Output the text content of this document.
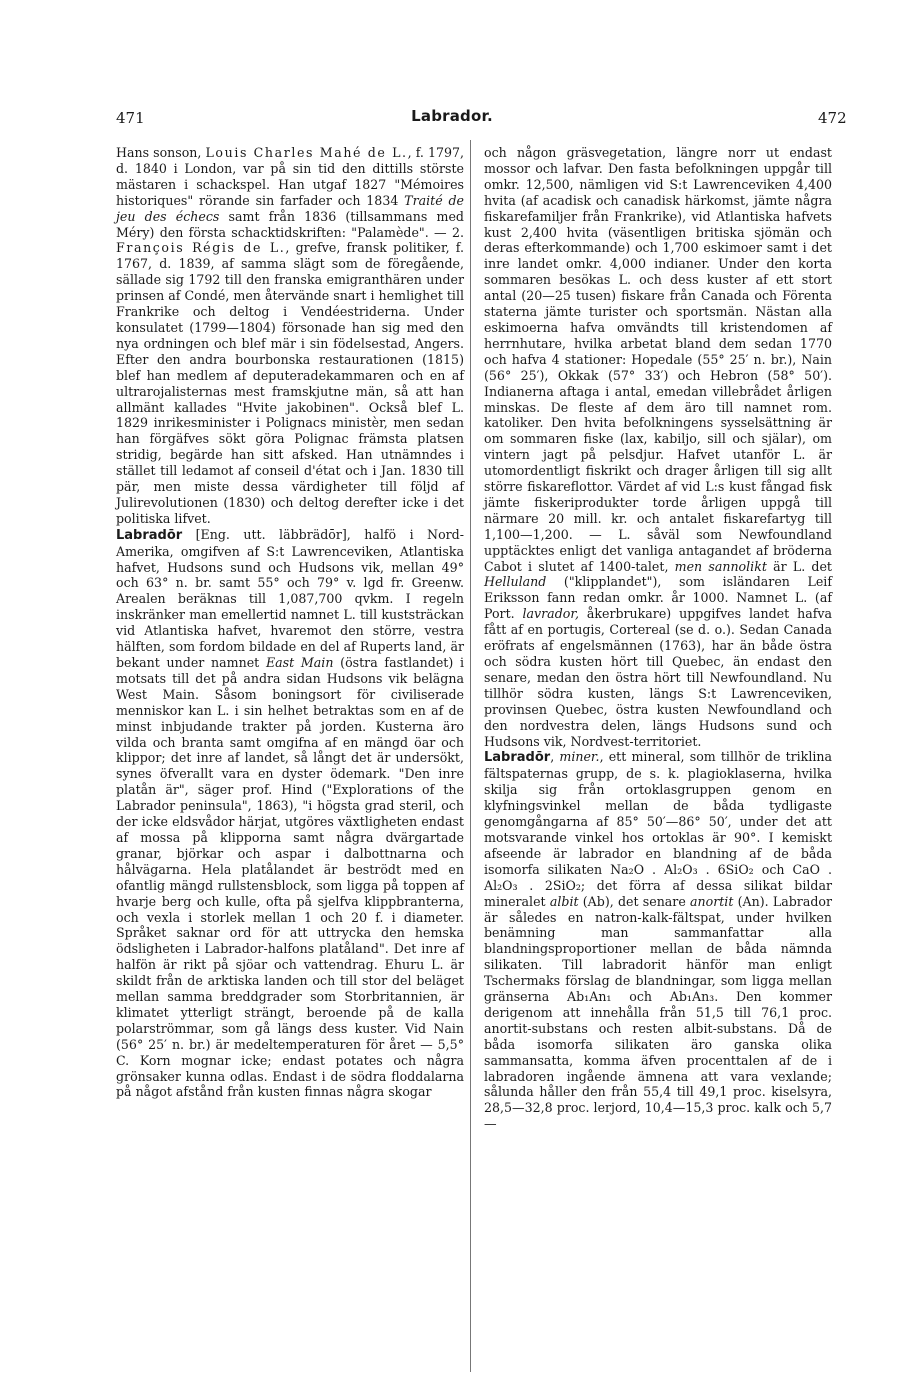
471	Labrador.	472

Hans sonson, Louis Charles Mahé de L., f. 1797, d. 1840 i London, var på sin tid den dittills störste mästaren i schackspel. Han utgaf 1827 "Mémoires historiques" rörande sin farfader och 1834 Traité de jeu des échecs samt från 1836 (tillsammans med Méry) den första schacktidskriften: "Palamède". — 2. François Régis de L., grefve, fransk politiker, f. 1767, d. 1839, af samma slägt som de föregående, sällade sig 1792 till den franska emigranthären under prinsen af Condé, men återvände snart i hemlighet till Frankrike och deltog i Vendéestriderna. Under konsulatet (1799—1804) försonade han sig med den nya ordningen och blef mär i sin födelsestad, Angers. Efter den andra bourbonska restaurationen (1815) blef han medlem af deputeradekammaren och en af ultrarojalisternas mest framskjutne män, så att han allmänt kallades "Hvite jakobinen". Också blef L. 1829 inrikesminister i Polignacs ministèr, men sedan han förgäfves sökt göra Polignac främsta platsen stridig, begärde han sitt afsked. Han utnämndes i stället till ledamot af conseil d'état och i Jan. 1830 till pär, men miste dessa värdigheter till följd af Julirevolutionen (1830) och deltog derefter icke i det politiska lifvet.

Labradōr [Eng. utt. läbbrädōr], halfö i Nord-Amerika, omgifven af S:t Lawrenceviken, Atlantiska hafvet, Hudsons sund och Hudsons vik, mellan 49° och 63° n. br. samt 55° och 79° v. lgd fr. Greenw. Arealen beräknas till 1,087,700 qvkm. I regeln inskränker man emellertid namnet L. till kuststräckan vid Atlantiska hafvet, hvaremot den större, vestra hälften, som fordom bildade en del af Ruperts land, är bekant under namnet East Main (östra fastlandet) i motsats till det på andra sidan Hudsons vik belägna West Main. Såsom boningsort för civiliserade menniskor kan L. i sin helhet betraktas som en af de minst inbjudande trakter på jorden. Kusterna äro vilda och branta samt omgifna af en mängd öar och klippor; det inre af landet, så långt det är undersökt, synes öfverallt vara en dyster ödemark. "Den inre platån är", säger prof. Hind ("Explorations of the Labrador peninsula", 1863), "i högsta grad steril, och der icke eldsvådor härjat, utgöres växtligheten endast af mossa på klipporna samt några dvärgartade granar, björkar och aspar i dalbottnarna och hålvägarna. Hela platålandet är beströdt med en ofantlig mängd rullstensblock, som ligga på toppen af hvarje berg och kulle, ofta på sjelfva klippbranterna, och vexla i storlek mellan 1 och 20 f. i diameter. Språket saknar ord för att uttrycka den hemska ödsligheten i Labrador-halfons platåland". Det inre af halfön är rikt på sjöar och vattendrag. Ehuru L. är skildt från de arktiska landen och till stor del beläget mellan samma breddgrader som Storbritannien, är klimatet ytterligt strängt, beroende på de kalla polarströmmar, som gå längs dess kuster. Vid Nain (56° 25′ n. br.) är medeltemperaturen för året — 5,5° C. Korn mognar icke; endast potates och några grönsaker kunna odlas. Endast i de södra floddalarna på något afstånd från kusten finnas några skogar

och någon gräsvegetation, längre norr ut endast mossor och lafvar. Den fasta befolkningen uppgår till omkr. 12,500, nämligen vid S:t Lawrenceviken 4,400 hvita (af acadisk och canadisk härkomst, jämte några fiskarefamiljer från Frankrike), vid Atlantiska hafvets kust 2,400 hvita (väsentligen britiska sjömän och deras efterkommande) och 1,700 eskimoer samt i det inre landet omkr. 4,000 indianer. Under den korta sommaren besökas L. och dess kuster af ett stort antal (20—25 tusen) fiskare från Canada och Förenta staterna jämte turister och sportsmän. Nästan alla eskimoerna hafva omvändts till kristendomen af herrnhutare, hvilka arbetat bland dem sedan 1770 och hafva 4 stationer: Hopedale (55° 25′ n. br.), Nain (56° 25′), Okkak (57° 33′) och Hebron (58° 50′). Indianerna aftaga i antal, emedan villebrådet årligen minskas. De fleste af dem äro till namnet rom. katoliker. Den hvita befolkningens sysselsättning är om sommaren fiske (lax, kabiljo, sill och själar), om vintern jagt på pelsdjur. Hafvet utanför L. är utomordentligt fiskrikt och drager årligen till sig allt större fiskareflottor. Värdet af vid L:s kust fångad fisk jämte fiskeriprodukter torde årligen uppgå till närmare 20 mill. kr. och antalet fiskarefartyg till 1,100—1,200. — L. såväl som Newfoundland upptäcktes enligt det vanliga antagandet af bröderna Cabot i slutet af 1400-talet, men sannolikt är L. det Helluland ("klipplandet"), som isländaren Leif Eriksson fann redan omkr. år 1000. Namnet L. (af Port. lavrador, åkerbrukare) uppgifves landet hafva fått af en portugis, Cortereal (se d. o.). Sedan Canada eröfrats af engelsmännen (1763), har än både östra och södra kusten hört till Quebec, än endast den senare, medan den östra hört till Newfoundland. Nu tillhör södra kusten, längs S:t Lawrenceviken, provinsen Quebec, östra kusten Newfoundland och den nordvestra delen, längs Hudsons sund och Hudsons vik, Nordvest-territoriet.

Labradōr, miner., ett mineral, som tillhör de triklina fältspaternas grupp, de s. k. plagioklaserna, hvilka skilja sig från ortoklasgruppen genom en klyfningsvinkel mellan de båda tydligaste genomgångarna af 85° 50′—86° 50′, under det att motsvarande vinkel hos ortoklas är 90°. I kemiskt afseende är labrador en blandning af de båda isomorfa silikaten Na₂O . Al₂O₃ . 6SiO₂ och CaO . Al₂O₃ . 2SiO₂; det förra af dessa silikat bildar mineralet albit (Ab), det senare anortit (An). Labrador är således en natron-kalk-fältspat, under hvilken benämning man sammanfattar alla blandningsproportioner mellan de båda nämnda silikaten. Till labradorit hänför man enligt Tschermaks förslag de blandningar, som ligga mellan gränserna Ab₁An₁ och Ab₁An₃. Den kommer derigenom att innehålla från 51,5 till 76,1 proc. anortit-substans och resten albit-substans. Då de båda isomorfa silikaten äro ganska olika sammansatta, komma äfven procenttalen af de i labradoren ingående ämnena att vara vexlande; sålunda håller den från 55,4 till 49,1 proc. kiselsyra, 28,5—32,8 proc. lerjord, 10,4—15,3 proc. kalk och 5,7—
